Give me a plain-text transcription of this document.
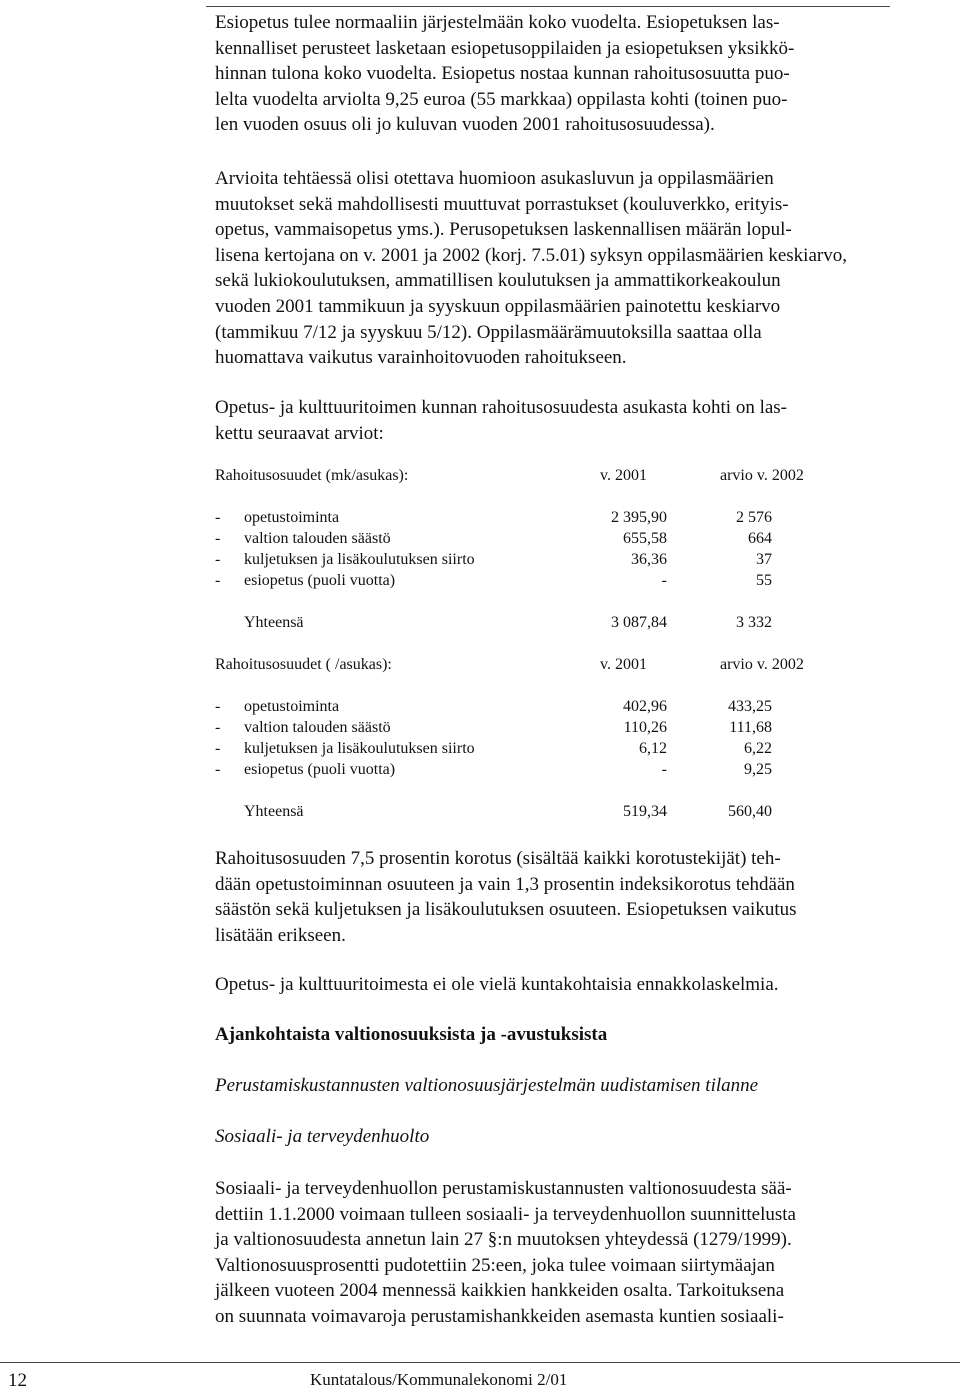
Esiopetus tulee normaaliin järjestelmään koko vuodelta. Esiopetuksen las-
kennalliset perusteet lasketaan esiopetusoppilaiden ja esiopetuksen yksikkö-
hinnan tulona koko vuodelta. Esiopetus nostaa kunnan rahoitusosuutta puo-
lelta vuodelta arviolta 9,25 euroa (55 markkaa) oppilasta kohti (toinen puo-
len vuoden osuus oli jo kuluvan vuoden 2001 rahoitusosuudessa).
Arvioita tehtäessä olisi otettava huomioon asukasluvun ja oppilasmäärien
muutokset sekä mahdollisesti muuttuvat porrastukset (kouluverkko, erityis-
opetus, vammaisopetus yms.). Perusopetuksen laskennallisen määrän lopul-
lisena kertojana on v. 2001 ja 2002 (korj. 7.5.01) syksyn oppilasmäärien keskiarvo,
sekä lukiokoulutuksen, ammatillisen koulutuksen ja ammattikorkeakoulun
vuoden 2001 tammikuun ja syyskuun oppilasmäärien painotettu keskiarvo
(tammikuu 7/12 ja syyskuu 5/12). Oppilasmäärämuutoksilla saattaa olla
huomattava vaikutus varainhoitovuoden rahoitukseen.
Opetus- ja kulttuuritoimen kunnan rahoitusosuudesta asukasta kohti on las-
kettu seuraavat arviot:
Rahoitusosuudet (mk/asukas):	v. 2001	arvio v. 2002
- opetustoiminta	2 395,90	2 576
- valtion talouden säästö	655,58	664
- kuljetuksen ja lisäkoulutuksen siirto	36,36	37
- esiopetus (puoli vuotta)	-	55
Yhteensä	3 087,84	3 332
Rahoitusosuudet ( /asukas):	v. 2001	arvio v. 2002
- opetustoiminta	402,96	433,25
- valtion talouden säästö	110,26	111,68
- kuljetuksen ja lisäkoulutuksen siirto	6,12	6,22
- esiopetus (puoli vuotta)	-	9,25
Yhteensä	519,34	560,40
Rahoitusosuuden 7,5 prosentin korotus (sisältää kaikki korotustekijät) teh-
dään opetustoiminnan osuuteen ja vain 1,3 prosentin indeksikorotus tehdään
säästön sekä kuljetuksen ja lisäkoulutuksen osuuteen. Esiopetuksen vaikutus
lisätään erikseen.
Opetus- ja kulttuuritoimesta ei ole vielä kuntakohtaisia ennakkolaskelmia.
Ajankohtaista valtionosuuksista ja -avustuksista
Perustamiskustannusten valtionosuusjärjestelmän uudistamisen tilanne
Sosiaali- ja terveydenhuolto
Sosiaali- ja terveydenhuollon perustamiskustannusten valtionosuudesta sää-
dettiin 1.1.2000 voimaan tulleen sosiaali- ja terveydenhuollon suunnittelusta
ja valtionosuudesta annetun lain 27 §:n muutoksen yhteydessä (1279/1999).
Valtionosuusprosentti pudotettiin 25:een, joka tulee voimaan siirtymäajan
jälkeen vuoteen 2004 mennessä kaikkien hankkeiden osalta. Tarkoituksena
on suunnata voimavaroja perustamishankkeiden asemasta kuntien sosiaali-
12	Kuntatalous/Kommunalekonomi 2/01
